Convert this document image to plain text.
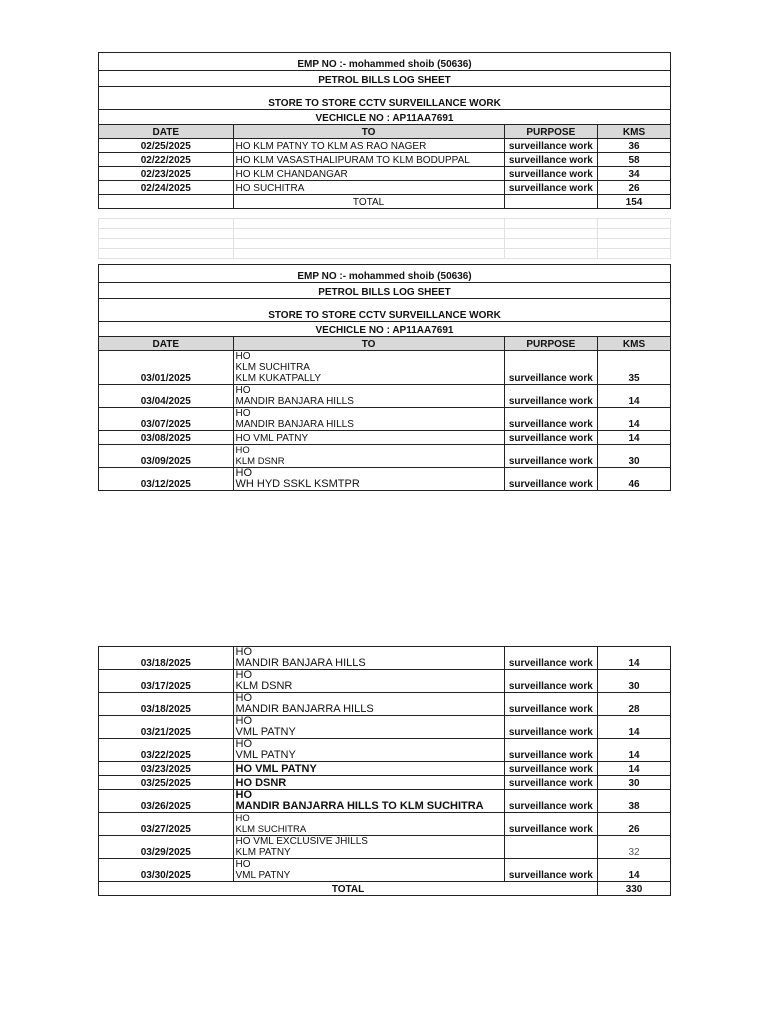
EMP NO :- mohammed shoib (50636)			
PETROL BILLS LOG SHEET			
STORE TO STORE CCTV SURVEILLANCE WORK			
VECHICLE NO : AP11AA7691			
DATE	TO	PURPOSE	KMS
02/25/2025	HO KLM PATNY TO KLM AS RAO NAGER	surveillance work	36
02/22/2025	HO KLM VASASTHALIPURAM TO KLM BODUPPAL	surveillance work	58
02/23/2025	HO KLM CHANDANGAR	surveillance work	34
02/24/2025	HO SUCHITRA	surveillance work	26
	TOTAL		154

EMP NO :- mohammed shoib (50636)			
PETROL BILLS LOG SHEET			
STORE TO STORE CCTV SURVEILLANCE WORK			
VECHICLE NO : AP11AA7691			
DATE	TO	PURPOSE	KMS
03/01/2025	HO
KLM SUCHITRA
KLM KUKATPALLY	surveillance work	35
03/04/2025	HO
MANDIR BANJARA HILLS	surveillance work	14
03/07/2025	HO
MANDIR BANJARA HILLS	surveillance work	14
03/08/2025	HO VML PATNY	surveillance work	14
03/09/2025	HO
KLM DSNR	surveillance work	30
03/12/2025	HO
WH HYD SSKL KSMTPR	surveillance work	46
03/18/2025	HO
MANDIR BANJARA HILLS	surveillance work	14
03/17/2025	HO
KLM DSNR	surveillance work	30
03/18/2025	HO
MANDIR BANJARRA HILLS	surveillance work	28
03/21/2025	HO
VML PATNY	surveillance work	14
03/22/2025	HO
VML PATNY	surveillance work	14
03/23/2025	HO VML PATNY	surveillance work	14
03/25/2025	HO DSNR	surveillance work	30
03/26/2025	HO
MANDIR BANJARRA HILLS TO KLM SUCHITRA	surveillance work	38
03/27/2025	HO
KLM SUCHITRA	surveillance work	26
03/29/2025	HO VML EXCLUSIVE JHILLS
KLM PATNY		32
03/30/2025	HO
VML PATNY	surveillance work	14
TOTAL			330
